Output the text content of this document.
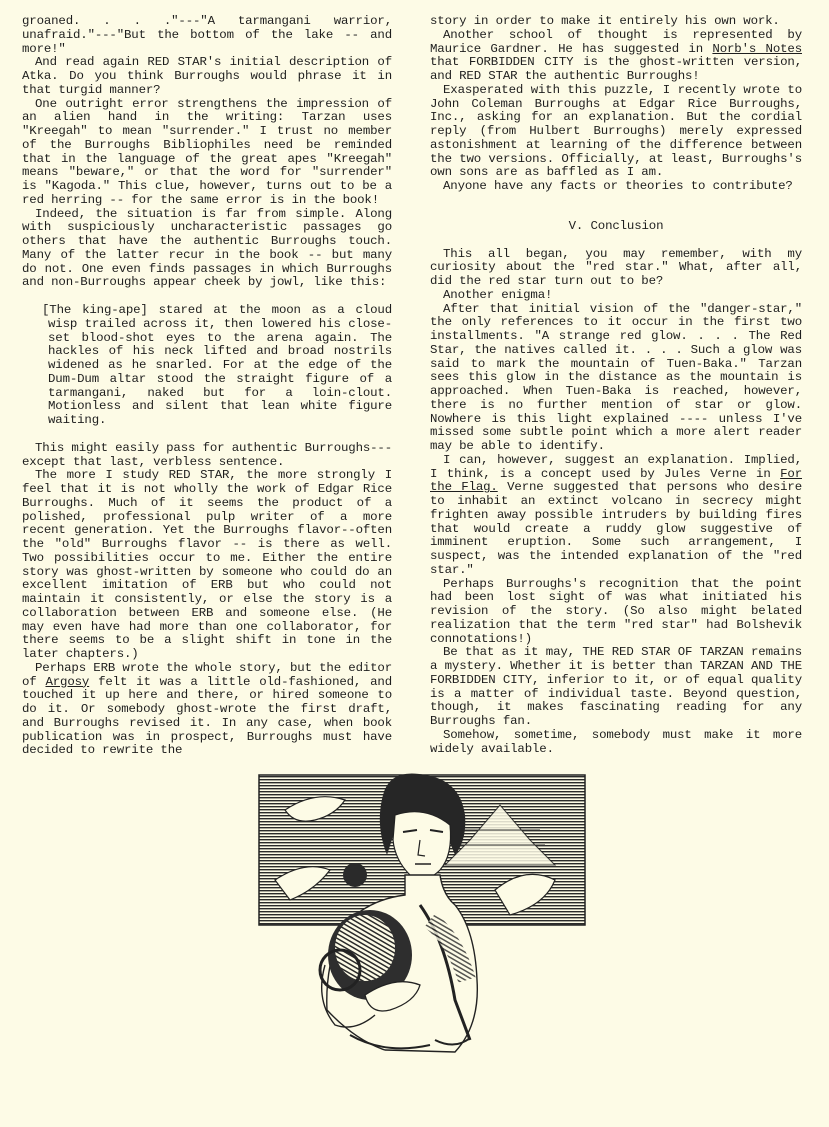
groaned. . . ."---"A tarmangani warrior, unafraid."---"But the bottom of the lake -- and more!"

And read again RED STAR's initial description of Atka. Do you think Burroughs would phrase it in that turgid manner?

One outright error strengthens the impression of an alien hand in the writing: Tarzan uses "Kreegah" to mean "surrender." I trust no member of the Burroughs Bibliophiles need be reminded that in the language of the great apes "Kreegah" means "beware," or that the word for "surrender" is "Kagoda." This clue, however, turns out to be a red herring -- for the same error is in the book!

Indeed, the situation is far from simple. Along with suspiciously uncharacteristic passages go others that have the authentic Burroughs touch. Many of the latter recur in the book -- but many do not. One even finds passages in which Burroughs and non-Burroughs appear cheek by jowl, like this:

[The king-ape] stared at the moon as a cloud wisp trailed across it, then lowered his close-set blood-shot eyes to the arena again. The hackles of his neck lifted and broad nostrils widened as he snarled. For at the edge of the Dum-Dum altar stood the straight figure of a tarmangani, naked but for a loin-clout. Motionless and silent that lean white figure waiting.

This might easily pass for authentic Burroughs---except that last, verbless sentence.

The more I study RED STAR, the more strongly I feel that it is not wholly the work of Edgar Rice Burroughs. Much of it seems the product of a polished, professional pulp writer of a more recent generation. Yet the Burroughs flavor--often the "old" Burroughs flavor -- is there as well. Two possibilities occur to me. Either the entire story was ghost-written by someone who could do an excellent imitation of ERB but who could not maintain it consistently, or else the story is a collaboration between ERB and someone else. (He may even have had more than one collaborator, for there seems to be a slight shift in tone in the later chapters.)

Perhaps ERB wrote the whole story, but the editor of Argosy felt it was a little old-fashioned, and touched it up here and there, or hired someone to do it. Or somebody ghost-wrote the first draft, and Burroughs revised it. In any case, when book publication was in prospect, Burroughs must have decided to rewrite the

story in order to make it entirely his own work.

Another school of thought is represented by Maurice Gardner. He has suggested in Norb's Notes that FORBIDDEN CITY is the ghost-written version, and RED STAR the authentic Burroughs!

Exasperated with this puzzle, I recently wrote to John Coleman Burroughs at Edgar Rice Burroughs, Inc., asking for an explanation. But the cordial reply (from Hulbert Burroughs) merely expressed astonishment at learning of the difference between the two versions. Officially, at least, Burroughs's own sons are as baffled as I am.

Anyone have any facts or theories to contribute?

V. Conclusion

This all began, you may remember, with my curiosity about the "red star." What, after all, did the red star turn out to be?

Another enigma!

After that initial vision of the "danger-star," the only references to it occur in the first two installments. "A strange red glow. . . . The Red Star, the natives called it. . . . Such a glow was said to mark the mountain of Tuen-Baka." Tarzan sees this glow in the distance as the mountain is approached. When Tuen-Baka is reached, however, there is no further mention of star or glow. Nowhere is this light explained ---- unless I've missed some subtle point which a more alert reader may be able to identify.

I can, however, suggest an explanation. Implied, I think, is a concept used by Jules Verne in For the Flag. Verne suggested that persons who desire to inhabit an extinct volcano in secrecy might frighten away possible intruders by building fires that would create a ruddy glow suggestive of imminent eruption. Some such arrangement, I suspect, was the intended explanation of the "red star."

Perhaps Burroughs's recognition that the point had been lost sight of was what initiated his revision of the story. (So also might belated realization that the term "red star" had Bolshevik connotations!)

Be that as it may, THE RED STAR OF TARZAN remains a mystery. Whether it is better than TARZAN AND THE FORBIDDEN CITY, inferior to it, or of equal quality is a matter of individual taste. Beyond question, though, it makes fascinating reading for any Burroughs fan.

Somehow, sometime, somebody must make it more widely available.
